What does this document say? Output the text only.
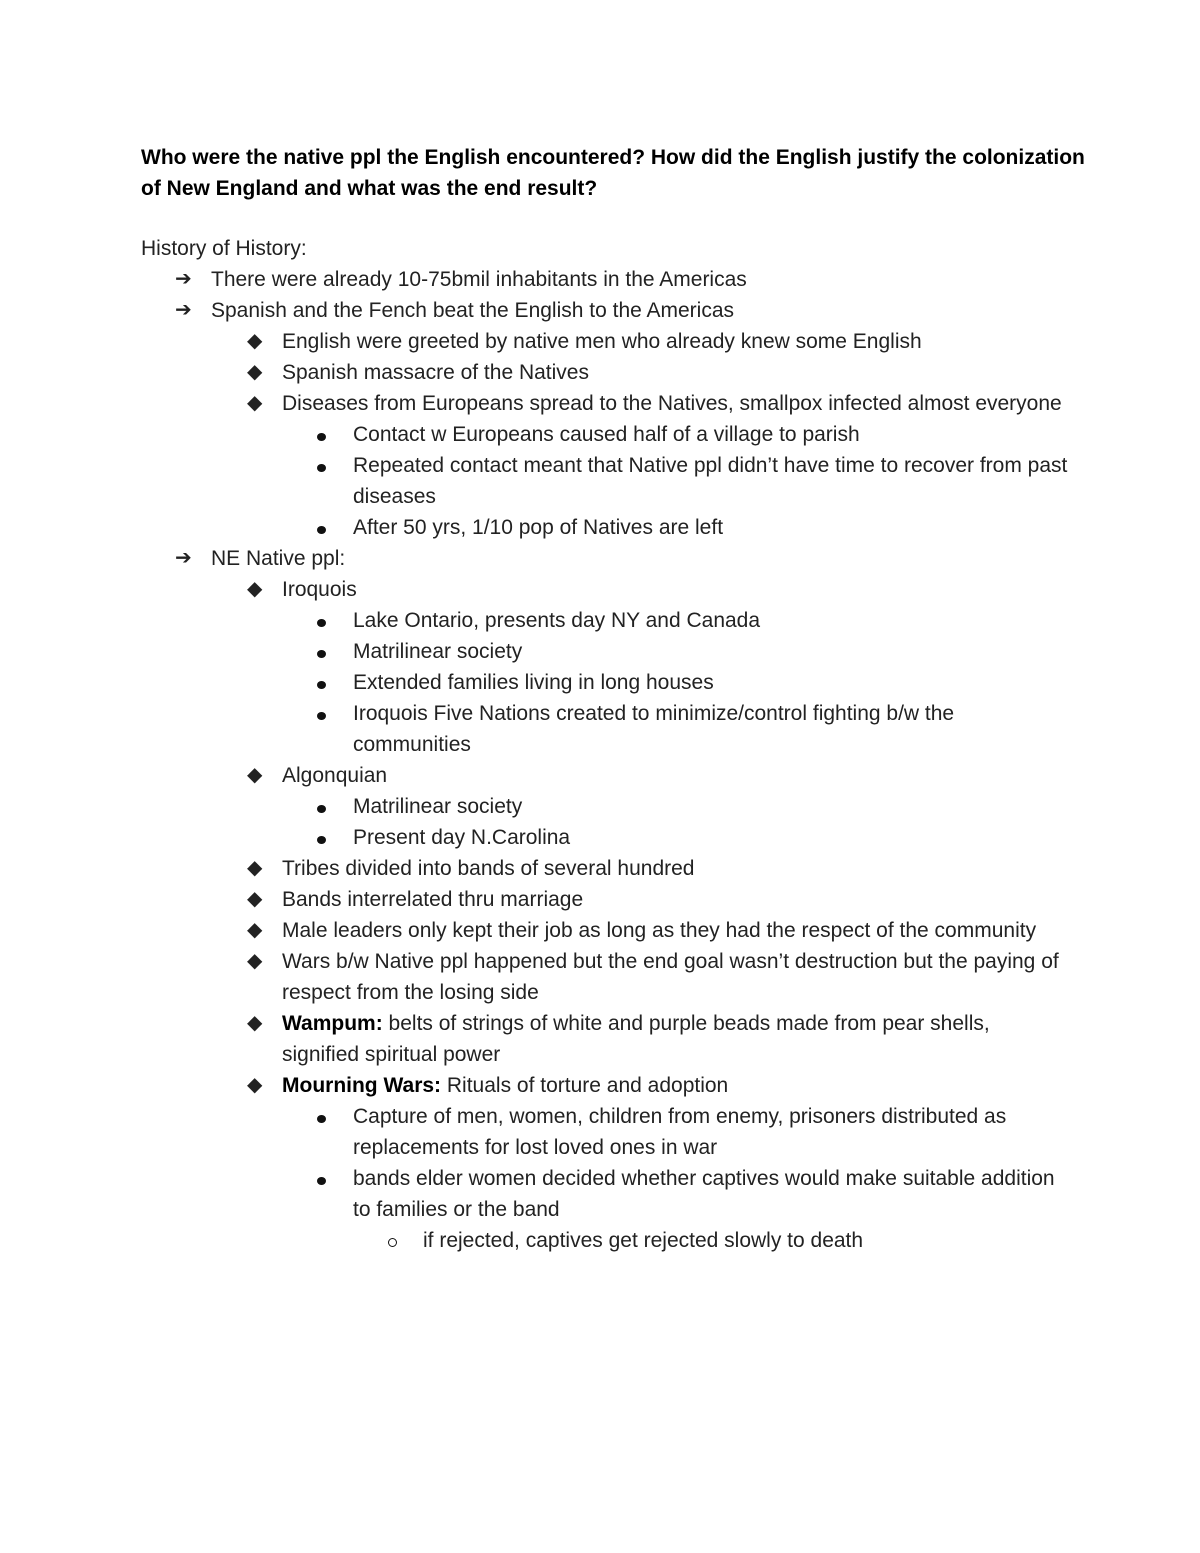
Who were the native ppl the English encountered? How did the English justify the colonization of New England and what was the end result?
History of History:
➔ There were already 10-75bmil inhabitants in the Americas
➔ Spanish and the Fench beat the English to the Americas
◆ English were greeted by native men who already knew some English
◆ Spanish massacre of the Natives
◆ Diseases from Europeans spread to the Natives, smallpox infected almost everyone
Contact w Europeans caused half of a village to parish
Repeated contact meant that Native ppl didn’t have time to recover from past diseases
After 50 yrs, 1/10 pop of Natives are left
➔ NE Native ppl:
◆ Iroquois
Lake Ontario, presents day NY and Canada
Matrilinear society
Extended families living in long houses
Iroquois Five Nations created to minimize/control fighting b/w the communities
◆ Algonquian
Matrilinear society
Present day N.Carolina
◆ Tribes divided into bands of several hundred
◆ Bands interrelated thru marriage
◆ Male leaders only kept their job as long as they had the respect of the community
◆ Wars b/w Native ppl happened but the end goal wasn’t destruction but the paying of respect from the losing side
◆ Wampum: belts of strings of white and purple beads made from pear shells, signified spiritual power
◆ Mourning Wars: Rituals of torture and adoption
Capture of men, women, children from enemy, prisoners distributed as replacements for lost loved ones in war
bands elder women decided whether captives would make suitable addition to families or the band
if rejected, captives get rejected slowly to death
